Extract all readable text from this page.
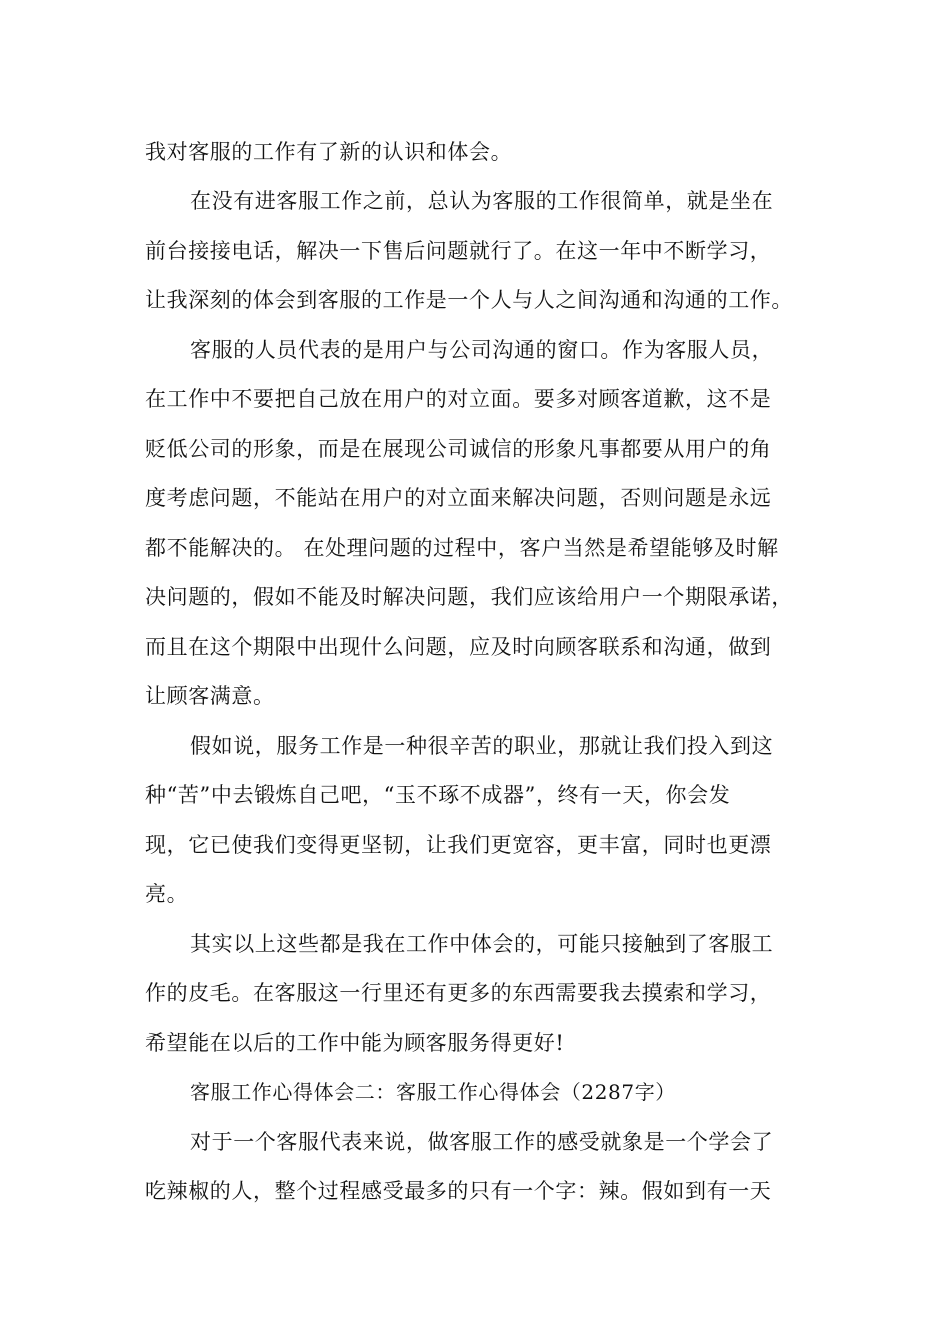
我对客服的工作有了新的认识和体会。
在没有进客服工作之前，总认为客服的工作很简单，就是坐在
前台接接电话，解决一下售后问题就行了。在这一年中不断学习，
让我深刻的体会到客服的工作是一个人与人之间沟通和沟通的工作。
客服的人员代表的是用户与公司沟通的窗口。作为客服人员，
在工作中不要把自己放在用户的对立面。要多对顾客道歉，这不是
贬低公司的形象，而是在展现公司诚信的形象凡事都要从用户的角
度考虑问题，不能站在用户的对立面来解决问题，否则问题是永远
都不能解决的。 在处理问题的过程中，客户当然是希望能够及时解
决问题的，假如不能及时解决问题，我们应该给用户一个期限承诺，
而且在这个期限中出现什么问题，应及时向顾客联系和沟通，做到
让顾客满意。
假如说，服务工作是一种很辛苦的职业，那就让我们投入到这
种“苦”中去锻炼自己吧，“玉不琢不成器”，终有一天，你会发
现，它已使我们变得更坚韧，让我们更宽容，更丰富，同时也更漂
亮。
其实以上这些都是我在工作中体会的，可能只接触到了客服工
作的皮毛。在客服这一行里还有更多的东西需要我去摸索和学习，
希望能在以后的工作中能为顾客服务得更好!
客服工作心得体会二：客服工作心得体会（2287字）
对于一个客服代表来说，做客服工作的感受就象是一个学会了
吃辣椒的人，整个过程感受最多的只有一个字：辣。假如到有一天
